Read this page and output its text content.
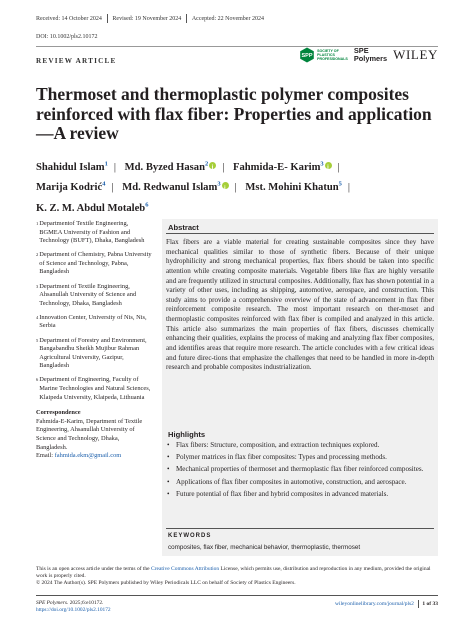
Received: 14 October 2024 Revised: 19 November 2024 Accepted: 22 November 2024
DOI: 10.1002/pls2.10172
REVIEW ARTICLE
SPP
SOCIETY OF
PLASTICS
PROFESSIONALS
SPE
Polymers WILEY
Thermoset and thermoplastic polymer composites reinforced with flax fiber: Properties and application—A review
Shahidul Islam$^1$ | Md. Byzed Hasan$^2$ i | Fahmida-E- Karim$^3$ i |
Marija Kodrić$^4$ | Md. Redwanul Islam$^3$ i | Mst. Mohini Khatun$^5$ |
K. Z. M. Abdul Motaleb$^6$
1 Departmentof Textile Engineering, BGMEA University of Fashion and Technology (BUFT), Dhaka, Bangladesh
2 Department of Chemistry, Pabna University of Science and Technology, Pabna, Bangladesh
3 Department of Textile Engineering, Ahsanullah University of Science and Technology, Dhaka, Bangladesh
4 Innovation Center, University of Nis, Nis, Serbia
5 Department of Forestry and Environment, Bangabandhu Sheikh Mujibur Rahman Agricultural University, Gazipur, Bangladesh
6 Department of Engineering, Faculty of Marine Technologies and Natural Sciences, Klaipeda University, Klaipeda, Lithuania
Correspondence
Fahmida-E-Karim, Department of Textile Engineering, Ahsanullah University of Science and Technology, Dhaka, Bangladesh.
Email: fahmida.ekm@gmail.com
Abstract

Flax fibers are a viable material for creating sustainable composites since they have mechanical qualities similar to those of synthetic fibers. Because of their unique hydrophilicity and strong mechanical properties, flax fibers should be taken into specific attention while creating composite materials. Vegetable fibers like flax are highly versatile and are frequently utilized in structural composites. Additionally, flax has shown potential in a variety of other uses, including as shipping, automotive, aerospace, and construction. This study aims to provide a comprehensive overview of the state of advancement in flax fiber reinforcement composite research. The most important research on ther-moset and thermoplastic composites reinforced with flax fiber is compiled and analyzed in this article. This article also summarizes the main properties of flax fibers, discusses chemically enhancing their qualities, explains the process of making and analyzing flax fiber composites, and identifies areas that require more research. The article concludes with a few critical ideas and future direc-tions that emphasize the challenges that need to be handled in more in-depth research and probable composites industrialization.

Highlights
• Flax fibers: Structure, composition, and extraction techniques explored.
• Polymer matrices in flax fiber composites: Types and processing methods.
• Mechanical properties of thermoset and thermoplastic flax fiber reinforced composites.
• Applications of flax fiber composites in automotive, construction, and aerospace.
• Future potential of flax fiber and hybrid composites in advanced materials.
KEYWORDS
composites, flax fiber, mechanical behavior, thermoplastic, thermoset
This is an open access article under the terms of the Creative Commons Attribution License, which permits use, distribution and reproduction in any medium, provided the original work is properly cited.
© 2024 The Author(s). SPE Polymers published by Wiley Periodicals LLC on behalf of Society of Plastics Engineers.
SPE Polymers. 2025;6:e10172.
https://doi.org/10.1002/pls2.10172
wileyonlinelibrary.com/journal/pls2 1 of 33
